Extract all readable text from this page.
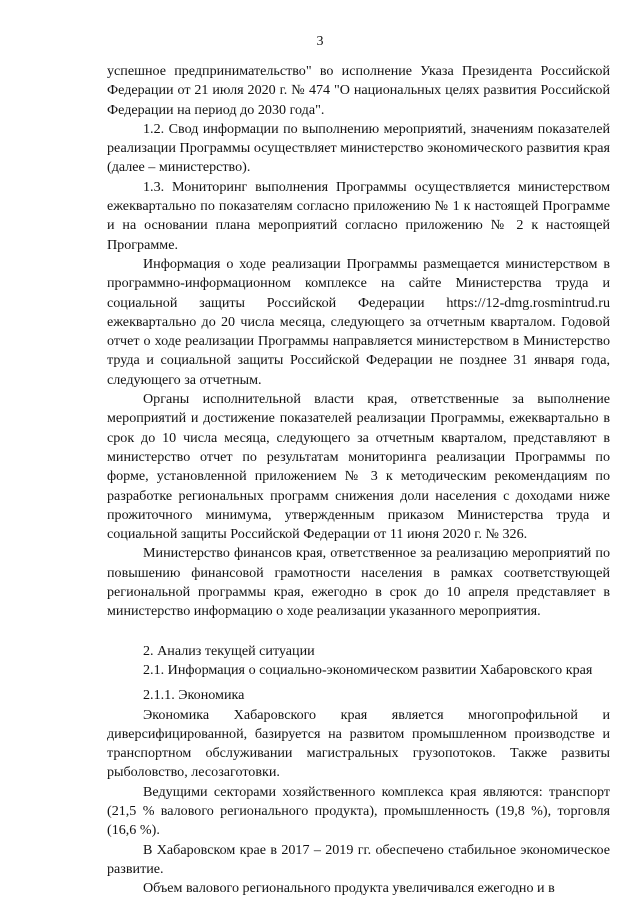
3

успешное предпринимательство" во исполнение Указа Президента Российской Федерации от 21 июля 2020 г. № 474 "О национальных целях развития Российской Федерации на период до 2030 года".

1.2. Свод информации по выполнению мероприятий, значениям показателей реализации Программы осуществляет министерство экономического развития края (далее – министерство).

1.3. Мониторинг выполнения Программы осуществляется министерством ежеквартально по показателям согласно приложению № 1 к настоящей Программе и на основании плана мероприятий согласно приложению № 2 к настоящей Программе.

Информация о ходе реализации Программы размещается министерством в программно-информационном комплексе на сайте Министерства труда и социальной защиты Российской Федерации https://12-dmg.rosmintrud.ru ежеквартально до 20 числа месяца, следующего за отчетным кварталом. Годовой отчет о ходе реализации Программы направляется министерством в Министерство труда и социальной защиты Российской Федерации не позднее 31 января года, следующего за отчетным.

Органы исполнительной власти края, ответственные за выполнение мероприятий и достижение показателей реализации Программы, ежеквартально в срок до 10 числа месяца, следующего за отчетным кварталом, представляют в министерство отчет по результатам мониторинга реализации Программы по форме, установленной приложением № 3 к методическим рекомендациям по разработке региональных программ снижения доли населения с доходами ниже прожиточного минимума, утвержденным приказом Министерства труда и социальной защиты Российской Федерации от 11 июня 2020 г. № 326.

Министерство финансов края, ответственное за реализацию мероприятий по повышению финансовой грамотности населения в рамках соответствующей региональной программы края, ежегодно в срок до 10 апреля представляет в министерство информацию о ходе реализации указанного мероприятия.

2. Анализ текущей ситуации

2.1. Информация о социально-экономическом развитии Хабаровского края

2.1.1. Экономика

Экономика Хабаровского края является многопрофильной и диверсифицированной, базируется на развитом промышленном производстве и транспортном обслуживании магистральных грузопотоков. Также развиты рыболовство, лесозаготовки.

Ведущими секторами хозяйственного комплекса края являются: транспорт (21,5 % валового регионального продукта), промышленность (19,8 %), торговля (16,6 %).

В Хабаровском крае в 2017 – 2019 гг. обеспечено стабильное экономическое развитие.

Объем валового регионального продукта увеличивался ежегодно и в
